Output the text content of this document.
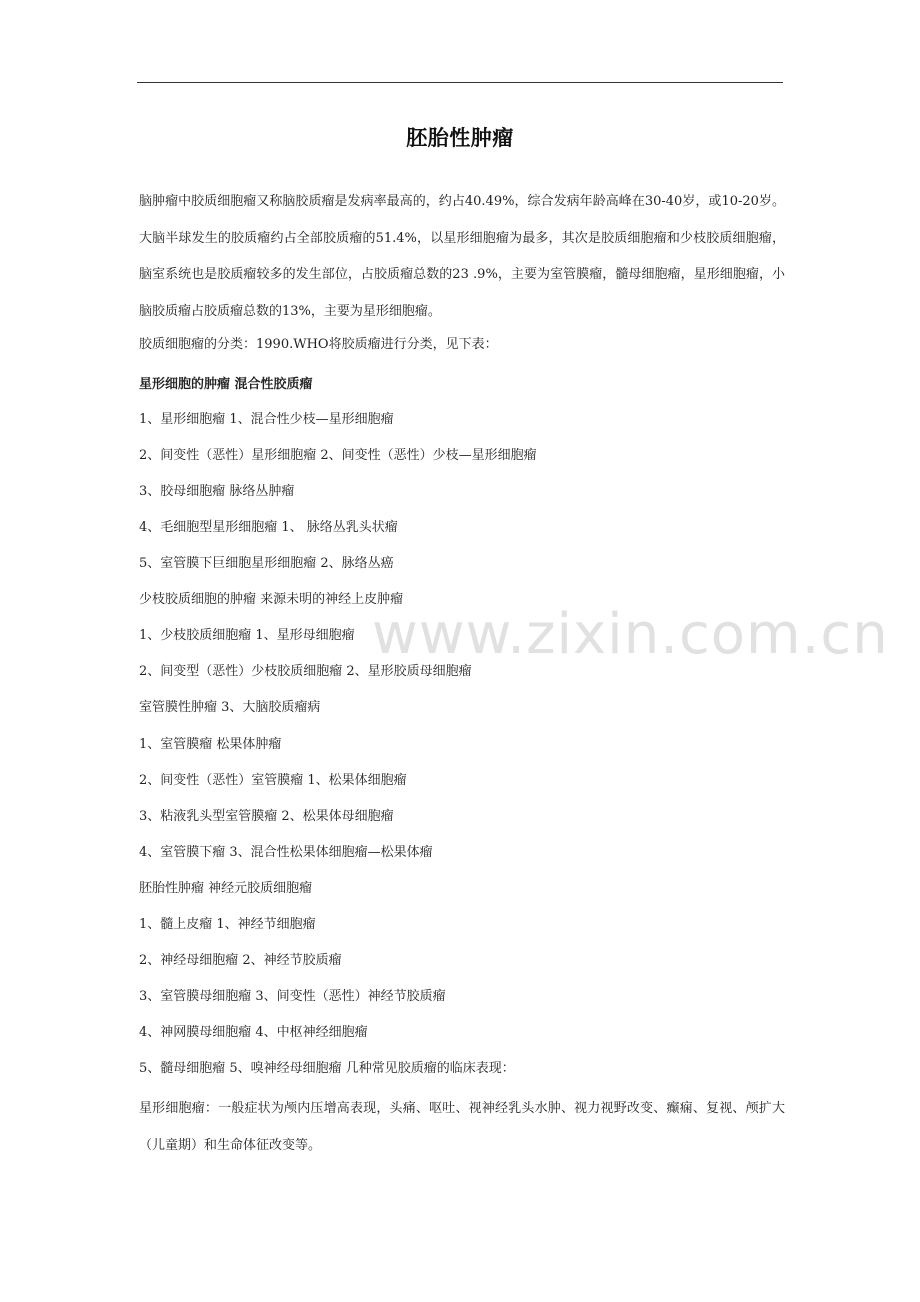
胚胎性肿瘤
脑肿瘤中胶质细胞瘤又称脑胶质瘤是发病率最高的，约占40.49%，综合发病年龄高峰在30-40岁，或10-20岁。大脑半球发生的胶质瘤约占全部胶质瘤的51.4%，以星形细胞瘤为最多，其次是胶质细胞瘤和少枝胶质细胞瘤，脑室系统也是胶质瘤较多的发生部位，占胶质瘤总数的23 .9%，主要为室管膜瘤，髓母细胞瘤，星形细胞瘤，小脑胶质瘤占胶质瘤总数的13%，主要为星形细胞瘤。
胶质细胞瘤的分类：1990.WHO将胶质瘤进行分类，见下表：
星形细胞的肿瘤 混合性胶质瘤
1、星形细胞瘤 1、混合性少枝—星形细胞瘤
2、间变性（恶性）星形细胞瘤 2、间变性（恶性）少枝—星形细胞瘤
3、胶母细胞瘤 脉络丛肿瘤
4、毛细胞型星形细胞瘤 1、 脉络丛乳头状瘤
5、室管膜下巨细胞星形细胞瘤 2、脉络丛癌
少枝胶质细胞的肿瘤 来源未明的神经上皮肿瘤
1、少枝胶质细胞瘤 1、星形母细胞瘤
2、间变型（恶性）少枝胶质细胞瘤 2、星形胶质母细胞瘤
室管膜性肿瘤 3、大脑胶质瘤病
1、室管膜瘤 松果体肿瘤
2、间变性（恶性）室管膜瘤 1、松果体细胞瘤
3、粘液乳头型室管膜瘤 2、松果体母细胞瘤
4、室管膜下瘤 3、混合性松果体细胞瘤—松果体瘤
胚胎性肿瘤 神经元胶质细胞瘤
1、髓上皮瘤 1、神经节细胞瘤
2、神经母细胞瘤 2、神经节胶质瘤
3、室管膜母细胞瘤 3、间变性（恶性）神经节胶质瘤
4、神网膜母细胞瘤 4、中枢神经细胞瘤
5、髓母细胞瘤 5、嗅神经母细胞瘤 几种常见胶质瘤的临床表现：
星形细胞瘤：一般症状为颅内压增高表现，头痛、呕吐、视神经乳头水肿、视力视野改变、癫痫、复视、颅扩大（儿童期）和生命体征改变等。
www.zixin.com.cn
